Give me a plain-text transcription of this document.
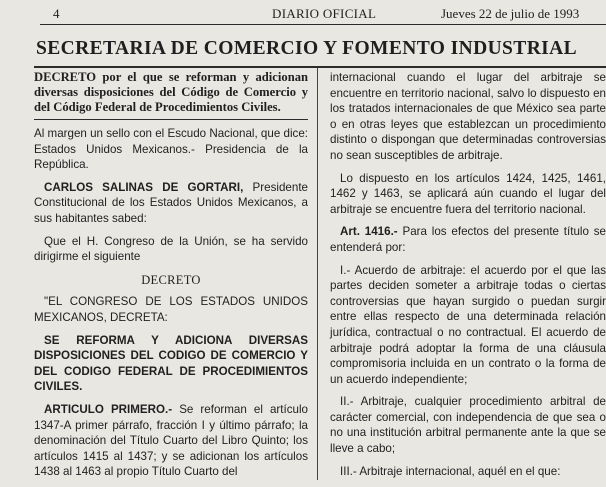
4	DIARIO OFICIAL	Jueves 22 de julio de 1993
SECRETARIA DE COMERCIO Y FOMENTO INDUSTRIAL
DECRETO por el que se reforman y adicionan diversas disposiciones del Código de Comercio y del Código Federal de Procedimientos Civiles.

Al margen un sello con el Escudo Nacional, que dice: Estados Unidos Mexicanos.- Presidencia de la República.

CARLOS SALINAS DE GORTARI, Presidente Constitucional de los Estados Unidos Mexicanos, a sus habitantes sabed:

Que el H. Congreso de la Unión, se ha servido dirigirme el siguiente

DECRETO

"EL CONGRESO DE LOS ESTADOS UNIDOS MEXICANOS, DECRETA:

SE REFORMA Y ADICIONA DIVERSAS DISPOSICIONES DEL CODIGO DE COMERCIO Y DEL CODIGO FEDERAL DE PROCEDIMIENTOS CIVILES.

ARTICULO PRIMERO.- Se reforman el artículo 1347-A primer párrafo, fracción I y último párrafo; la denominación del Título Cuarto del Libro Quinto; los artículos 1415 al 1437; y se adicionan los artículos 1438 al 1463 al propio Título Cuarto del

internacional cuando el lugar del arbitraje se encuentre en territorio nacional, salvo lo dispuesto en los tratados internacionales de que México sea parte o en otras leyes que establezcan un procedimiento distinto o dispongan que determinadas controversias no sean susceptibles de arbitraje.

Lo dispuesto en los artículos 1424, 1425, 1461, 1462 y 1463, se aplicará aún cuando el lugar del arbitraje se encuentre fuera del territorio nacional.

Art. 1416.- Para los efectos del presente título se entenderá por:

I.- Acuerdo de arbitraje: el acuerdo por el que las partes deciden someter a arbitraje todas o ciertas controversias que hayan surgido o puedan surgir entre ellas respecto de una determinada relación jurídica, contractual o no contractual. El acuerdo de arbitraje podrá adoptar la forma de una cláusula compromisoria incluida en un contrato o la forma de un acuerdo independiente;

II.- Arbitraje, cualquier procedimiento arbitral de carácter comercial, con independencia de que sea o no una institución arbitral permanente ante la que se lleve a cabo;

III.- Arbitraje internacional, aquél en el que:
